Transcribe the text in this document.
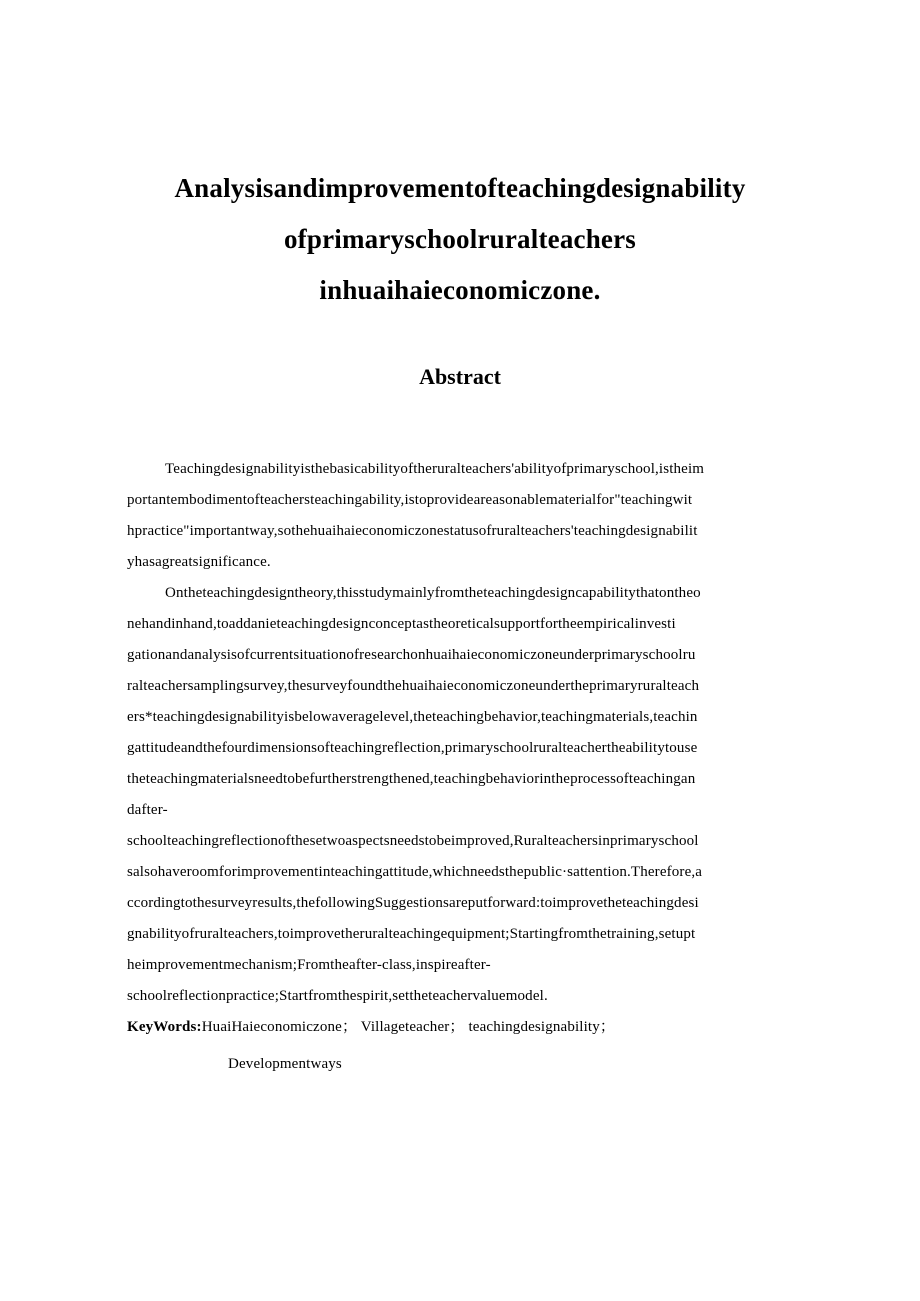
Analysisandimprovementofteachingdesignability
ofprimaryschoolruralteachers
inhuaihaieconomiczone.
Abstract
Teachingdesignabilityisthebasicabilityoftheruralteachers'abilityofprimaryschool,istheim
portantembodimentofteachersteachingability,istoprovideareasonablematerialfor"teachingwit
hpractice"importantway,sothehuaihaieconomiczonestatusofruralteachers'teachingdesignabilit
yhasagreatsignificance.
Ontheteachingdesigntheory,thisstudymainlyfromtheteachingdesigncapabilitythatontheo
nehandinhand,toaddanieteachingdesignconceptastheoreticalsupportfortheempiricalinvesti
gationandanalysisofcurrentsituationofresearchonhuaihaieconomiczoneunderprimaryschoolru
ralteachersamplingsurvey,thesurveyfoundthehuaihaieconomiczoneundertheprimaryruralteach
ers*teachingdesignabilityisbelowaveragelevel,theteachingbehavior,teachingmaterials,teachin
gattitudeandthefourdimensionsofteachingreflection,primaryschoolruralteachertheabilitytouse
theteachingmaterialsneedtobefurtherstrengthened,teachingbehaviorintheprocessofteachingan
dafter-
schoolteachingreflectionofthesetwoaspectsneedstobeimproved,Ruralteachersinprimaryschool
salsohaveroomforimprovementinteachingattitude,whichneedsthepublic·sattention.Therefore,a
ccordingtothesurveyresults,thefollowingSuggestionsareputforward:toimprovetheteachingdesi
gnabilityofruralteachers,toimprovetheruralteachingequipment;Startingfromthetraining,setupt
heimprovementmechanism;Fromtheafter-class,inspireafter-
schoolreflectionpractice;Startfromthespirit,settheteachervaluemodel.
KeyWords:HuaiHaieconomiczone； Villageteacher； teachingdesignability；
Developmentways
